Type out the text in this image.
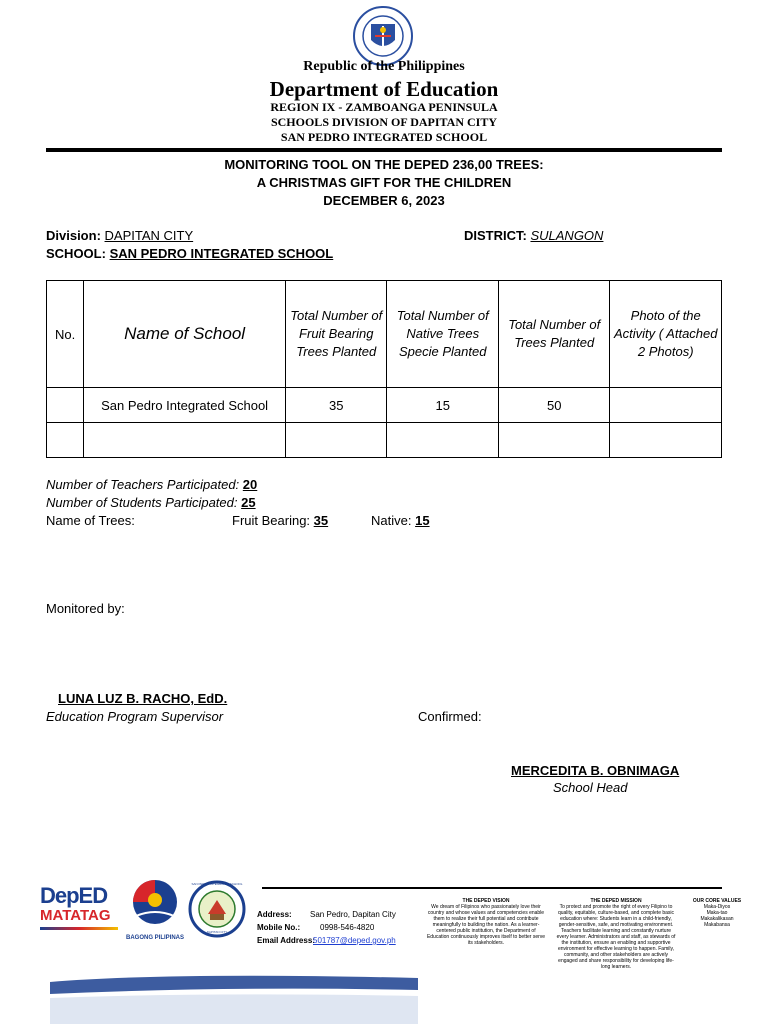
Republic of the Philippines
Department of Education
REGION IX - ZAMBOANGA PENINSULA
SCHOOLS DIVISION OF DAPITAN CITY
SAN PEDRO INTEGRATED SCHOOL
MONITORING TOOL ON THE DEPED 236,00 TREES:
A CHRISTMAS GIFT FOR THE CHILDREN
DECEMBER 6, 2023
Division: DAPITAN CITY	DISTRICT: SULANGON
SCHOOL: SAN PEDRO INTEGRATED SCHOOL
No.	Name of School	Total Number of Fruit Bearing Trees Planted	Total Number of Native Trees Specie Planted	Total Number of Trees Planted	Photo of the Activity ( Attached 2 Photos)
	San Pedro Integrated School	35	15	50	

Number of Teachers Participated: 20
Number of Students Participated: 25
Name of Trees:	Fruit Bearing: 35	Native: 15
Monitored by:
LUNA LUZ B. RACHO, EdD.
Education Program Supervisor	Confirmed:
MERCEDITA B. OBNIMAGA
School Head
DepED
MATATAG
BAGONG PILIPINAS
SAN PEDRO INTEGRATED SCHOOL
DAPITAN CITY
Address: San Pedro, Dapitan City
Mobile No.: 0998-546-4820
Email Address:
501787@deped.gov.ph
THE DEPED VISION
We dream of Filipinos who passionately love their country and whose values and competencies enable them to realize their full potential and contribute meaningfully to building the nation. As a learner-centered public institution, the Department of Education continuously improves itself to better serve its stakeholders.
THE DEPED MISSION
To protect and promote the right of every Filipino to quality, equitable, culture-based, and complete basic education where: Students learn in a child-friendly, gender-sensitive, safe, and motivating environment. Teachers facilitate learning and constantly nurture every learner. Administrators and staff, as stewards of the institution, ensure an enabling and supportive environment for effective learning to happen. Family, community, and other stakeholders are actively engaged and share responsibility for developing life-long learners.
OUR CORE VALUES
Maka-Diyos
Maka-tao
Makakalikasan
Makabansa
